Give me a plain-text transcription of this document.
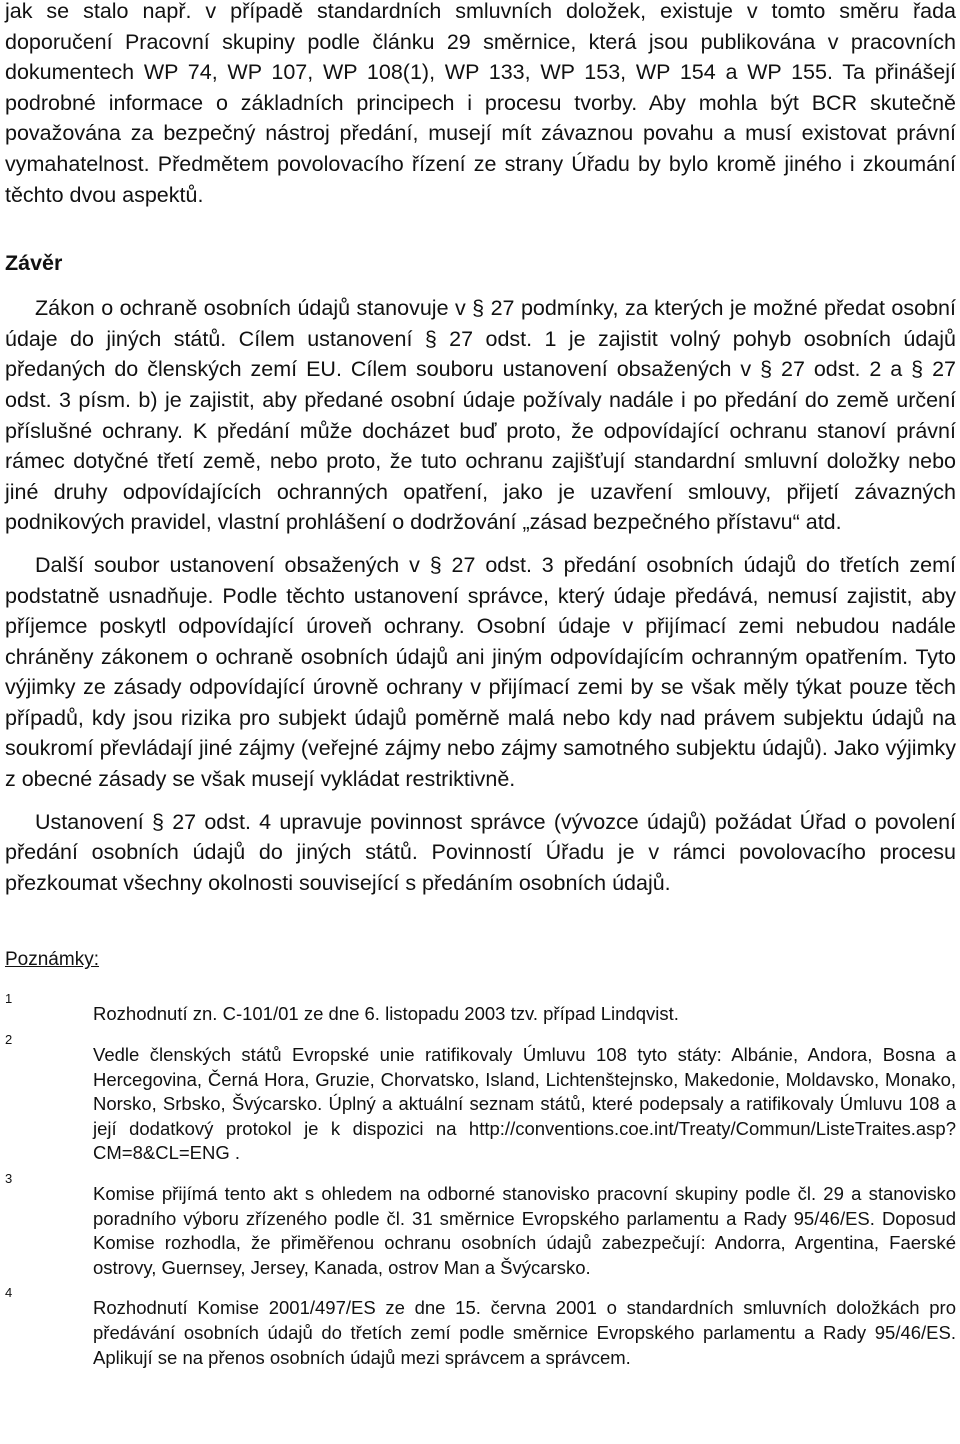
jak se stalo např. v případě standardních smluvních doložek, existuje v tomto směru řada doporučení Pracovní skupiny podle článku 29 směrnice, která jsou publikována v pracovních dokumentech WP 74, WP 107, WP 108(1), WP 133, WP 153, WP 154 a WP 155. Ta přinášejí podrobné informace o základních principech i procesu tvorby. Aby mohla být BCR skutečně považována za bezpečný nástroj předání, musejí mít závaznou povahu a musí existovat právní vymahatelnost. Předmětem povolovacího řízení ze strany Úřadu by bylo kromě jiného i zkoumání těchto dvou aspektů.

Závěr

Zákon o ochraně osobních údajů stanovuje v § 27 podmínky, za kterých je možné předat osobní údaje do jiných států. Cílem ustanovení § 27 odst. 1 je zajistit volný pohyb osobních údajů předaných do členských zemí EU. Cílem souboru ustanovení obsažených v § 27 odst. 2 a § 27 odst. 3 písm. b) je zajistit, aby předané osobní údaje požívaly nadále i po předání do země určení příslušné ochrany. K předání může docházet buď proto, že odpovídající ochranu stanoví právní rámec dotyčné třetí země, nebo proto, že tuto ochranu zajišťují standardní smluvní doložky nebo jiné druhy odpovídajících ochranných opatření, jako je uzavření smlouvy, přijetí závazných podnikových pravidel, vlastní prohlášení o dodržování „zásad bezpečného přístavu“ atd.

Další soubor ustanovení obsažených v § 27 odst. 3 předání osobních údajů do třetích zemí podstatně usnadňuje. Podle těchto ustanovení správce, který údaje předává, nemusí zajistit, aby příjemce poskytl odpovídající úroveň ochrany. Osobní údaje v přijímací zemi nebudou nadále chráněny zákonem o ochraně osobních údajů ani jiným odpovídajícím ochranným opatřením. Tyto výjimky ze zásady odpovídající úrovně ochrany v přijímací zemi by se však měly týkat pouze těch případů, kdy jsou rizika pro subjekt údajů poměrně malá nebo kdy nad právem subjektu údajů na soukromí převládají jiné zájmy (veřejné zájmy nebo zájmy samotného subjektu údajů). Jako výjimky z obecné zásady se však musejí vykládat restriktivně.

Ustanovení § 27 odst. 4 upravuje povinnost správce (vývozce údajů) požádat Úřad o povolení předání osobních údajů do jiných států. Povinností Úřadu je v rámci povolovacího procesu přezkoumat všechny okolnosti související s předáním osobních údajů.

Poznámky:

1

Rozhodnutí zn. C-101/01 ze dne 6. listopadu 2003 tzv. případ Lindqvist.

2

Vedle členských států Evropské unie ratifikovaly Úmluvu 108 tyto státy: Albánie, Andora, Bosna a Hercegovina, Černá Hora, Gruzie, Chorvatsko, Island, Lichtenštejnsko, Makedonie, Moldavsko, Monako, Norsko, Srbsko, Švýcarsko. Úplný a aktuální seznam států, které podepsaly a ratifikovaly Úmluvu 108 a její dodatkový protokol je k dispozici na http://conventions.coe.int/Treaty/Commun/ListeTraites.asp?CM=8&CL=ENG .

3

Komise přijímá tento akt s ohledem na odborné stanovisko pracovní skupiny podle čl. 29 a stanovisko poradního výboru zřízeného podle čl. 31 směrnice Evropského parlamentu a Rady 95/46/ES. Doposud Komise rozhodla, že přiměřenou ochranu osobních údajů zabezpečují: Andorra, Argentina, Faerské ostrovy, Guernsey, Jersey, Kanada, ostrov Man a Švýcarsko.

4

Rozhodnutí Komise 2001/497/ES ze dne 15. června 2001 o standardních smluvních doložkách pro předávání osobních údajů do třetích zemí podle směrnice Evropského parlamentu a Rady 95/46/ES. Aplikují se na přenos osobních údajů mezi správcem a správcem.
